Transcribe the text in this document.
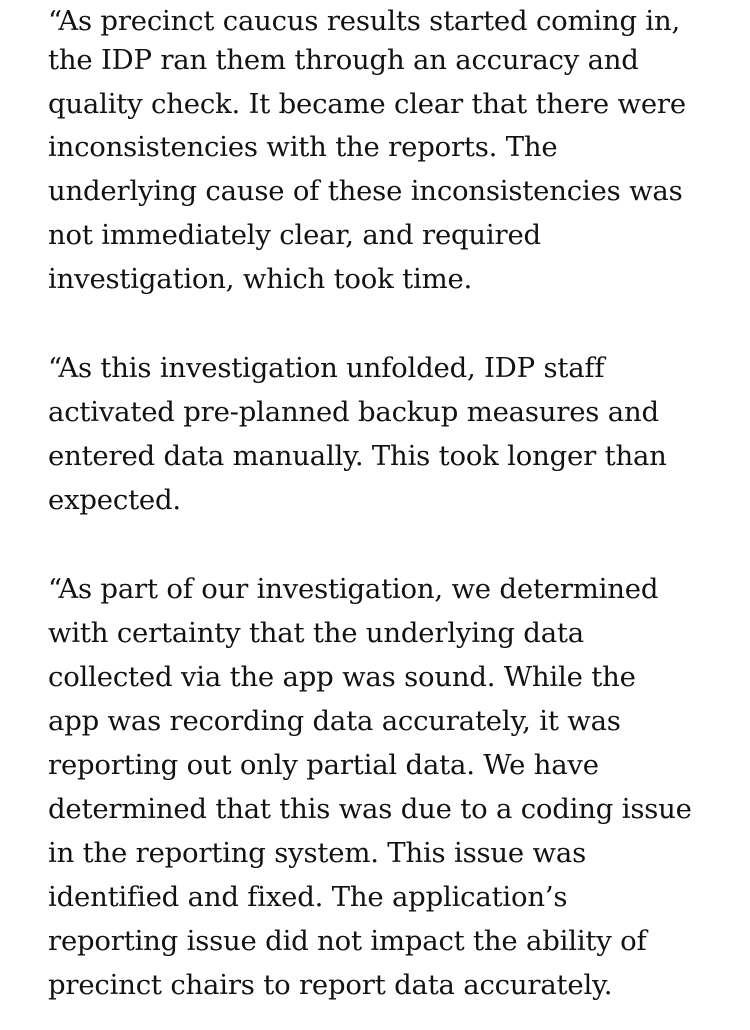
“As precinct caucus results started coming in,
the IDP ran them through an accuracy and
quality check. It became clear that there were
inconsistencies with the reports. The
underlying cause of these inconsistencies was
not immediately clear, and required
investigation, which took time.
“As this investigation unfolded, IDP staff
activated pre-planned backup measures and
entered data manually. This took longer than
expected.
“As part of our investigation, we determined
with certainty that the underlying data
collected via the app was sound. While the
app was recording data accurately, it was
reporting out only partial data. We have
determined that this was due to a coding issue
in the reporting system. This issue was
identified and fixed. The application’s
reporting issue did not impact the ability of
precinct chairs to report data accurately.
